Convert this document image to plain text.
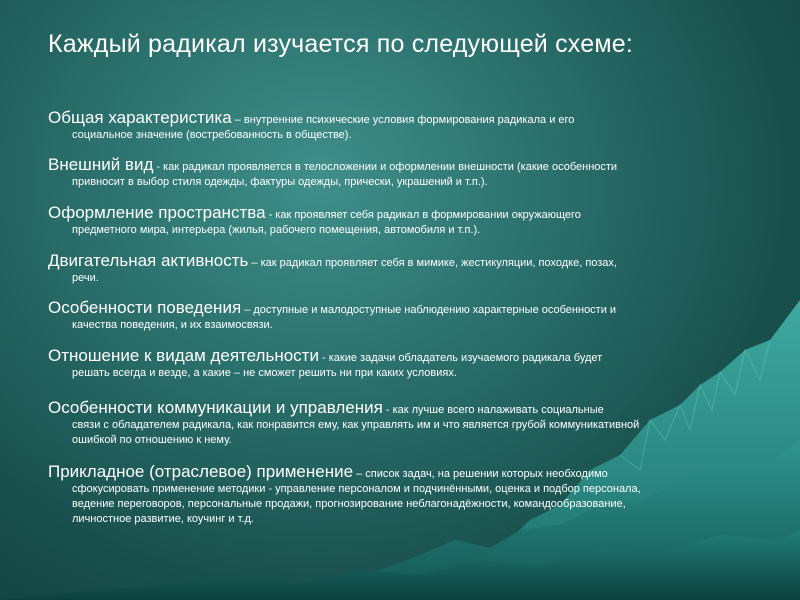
Каждый радикал изучается по следующей схеме:
Общая характеристика – внутренние психические условия формирования радикала и его
социальное значение (востребованность в обществе).
Внешний вид - как радикал проявляется в телосложении и оформлении внешности (какие особенности
привносит в выбор стиля одежды, фактуры одежды, прически, украшений и т.п.).
Оформление пространства - как проявляет себя радикал в формировании окружающего
предметного мира, интерьера (жилья, рабочего помещения, автомобиля и т.п.).
Двигательная активность – как радикал проявляет себя в мимике, жестикуляции, походке, позах,
речи.
Особенности поведения – доступные и малодоступные наблюдению характерные особенности и
качества поведения, и их взаимосвязи.
Отношение к видам деятельности - какие задачи обладатель изучаемого радикала будет
решать всегда и везде, а какие – не сможет решить ни при каких условиях.
Особенности коммуникации и управления - как лучше всего налаживать социальные
связи с обладателем радикала, как понравится ему, как управлять им и что является грубой коммуникативной
ошибкой по отношению к нему.
Прикладное (отраслевое) применение – список задач, на решении которых необходимо
сфокусировать применение методики - управление персоналом и подчинёнными, оценка и подбор персонала,
ведение переговоров, персональные продажи, прогнозирование неблагонадёжности, командообразование,
личностное развитие, коучинг и т.д.
